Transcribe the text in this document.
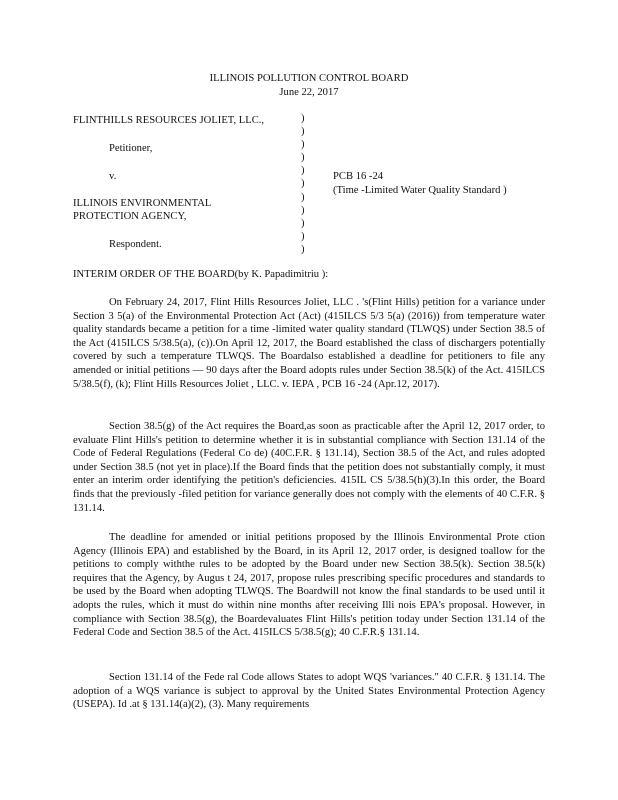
ILLINOIS POLLUTION CONTROL BOARD
June 22, 2017
FLINTHILLS RESOURCES JOLIET, LLC.,
Petitioner,
v.
ILLINOIS ENVIRONMENTAL
PROTECTION AGENCY,
Respondent.
)
)
)
)
)
)
)
)
)
)
)
PCB 16 -24
(Time -Limited Water Quality Standard )
INTERIM ORDER OF THE BOARD(by K. Papadimitriu ):
On February 24, 2017, Flint Hills Resources Joliet, LLC . 's(Flint Hills) petition for a variance under Section 3 5(a) of the Environmental Protection Act (Act) (415ILCS 5/3 5(a) (2016)) from temperature water quality standards became a petition for a time -limited water quality standard (TLWQS) under Section 38.5 of the Act (415ILCS 5/38.5(a), (c)).On April 12, 2017, the Board established the class of dischargers potentially covered by such a temperature TLWQS. The Boardalso established a deadline for petitioners to file any amended or initial petitions — 90 days after the Board adopts rules under Section 38.5(k) of the Act. 415ILCS 5/38.5(f), (k); Flint Hills Resources Joliet , LLC. v. IEPA , PCB 16 -24 (Apr.12, 2017).
Section 38.5(g) of the Act requires the Board,as soon as practicable after the April 12, 2017 order, to evaluate Flint Hills's petition to determine whether it is in substantial compliance with Section 131.14 of the Code of Federal Regulations (Federal Co de) (40C.F.R. § 131.14), Section 38.5 of the Act, and rules adopted under Section 38.5 (not yet in place).If the Board finds that the petition does not substantially comply, it must enter an interim order identifying the petition's deficiencies. 415IL CS 5/38.5(h)(3).In this order, the Board finds that the previously -filed petition for variance generally does not comply with the elements of 40 C.F.R. § 131.14.
The deadline for amended or initial petitions proposed by the Illinois Environmental Prote ction Agency (Illinois EPA) and established by the Board, in its April 12, 2017 order, is designed toallow for the petitions to comply withthe rules to be adopted by the Board under new Section 38.5(k). Section 38.5(k) requires that the Agency, by Augus t 24, 2017, propose rules prescribing specific procedures and standards to be used by the Board when adopting TLWQS. The Boardwill not know the final standards to be used until it adopts the rules, which it must do within nine months after receiving Illi nois EPA's proposal. However, in compliance with Section 38.5(g), the Boardevaluates Flint Hills's petition today under Section 131.14 of the Federal Code and Section 38.5 of the Act. 415ILCS 5/38.5(g); 40 C.F.R.§ 131.14.
Section 131.14 of the Fede ral Code allows States to adopt WQS 'variances." 40 C.F.R. § 131.14. The adoption of a WQS variance is subject to approval by the United States Environmental Protection Agency (USEPA). Id .at § 131.14(a)(2), (3). Many requirements
